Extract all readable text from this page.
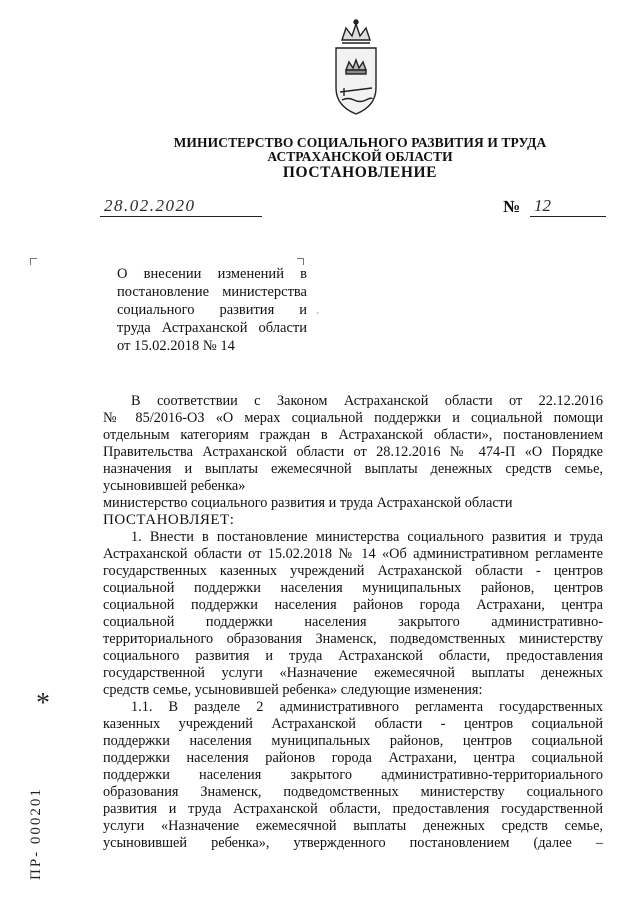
МИНИСТЕРСТВО СОЦИАЛЬНОГО РАЗВИТИЯ И ТРУДА
АСТРАХАНСКОЙ ОБЛАСТИ
ПОСТАНОВЛЕНИЕ
28.02.2020	№ 12
О внесении изменений в
постановление министерства
социального развития и
труда Астраханской области
от 15.02.2018 № 14
ˊ
В соответствии с Законом Астраханской области от 22.12.2016
№ 85/2016-ОЗ «О мерах социальной поддержки и социальной помощи
отдельным категориям граждан в Астраханской области», постановлением
Правительства Астраханской области от 28.12.2016 № 474-П «О Порядке
назначения и выплаты ежемесячной выплаты денежных средств семье,
усыновившей ребенка»
министерство социального развития и труда Астраханской области
ПОСТАНОВЛЯЕТ:
1. Внести в постановление министерства социального развития и труда
Астраханской области от 15.02.2018 № 14 «Об административном регламенте
государственных казенных учреждений Астраханской области - центров
социальной поддержки населения муниципальных районов, центров
социальной поддержки населения районов города Астрахани, центра
социальной поддержки населения закрытого административно-
территориального образования Знаменск, подведомственных министерству
социального развития и труда Астраханской области, предоставления
государственной услуги «Назначение ежемесячной выплаты денежных
средств семье, усыновившей ребенка» следующие изменения:
1.1. В разделе 2 административного регламента государственных
казенных учреждений Астраханской области - центров социальной
поддержки населения муниципальных районов, центров социальной
поддержки населения районов города Астрахани, центра социальной
поддержки населения закрытого административно-территориального
образования Знаменск, подведомственных министерству социального
развития и труда Астраханской области, предоставления государственной
услуги «Назначение ежемесячной выплаты денежных средств семье,
усыновившей ребенка», утвержденного постановлением (далее –
ПР- 000201
*
